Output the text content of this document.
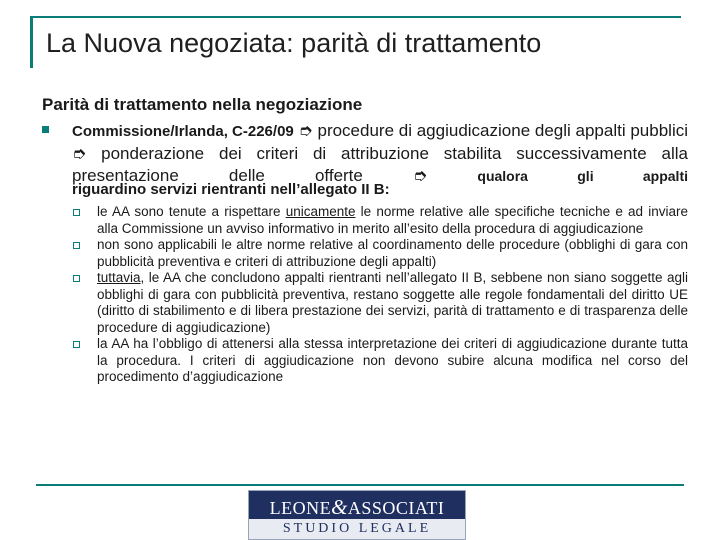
La Nuova negoziata: parità di trattamento
Parità di trattamento nella negoziazione
Commissione/Irlanda, C‑226/09 ➮ procedure di aggiudicazione degli appalti pubblici ➮ ponderazione dei criteri di attribuzione stabilita successivamente alla presentazione delle offerte	➮	qualora gli appalti
riguardino servizi rientranti nell’allegato II B:
le AA sono tenute a rispettare unicamente le norme relative alle specifiche tecniche e ad inviare alla Commissione un avviso informativo in merito all’esito della procedura di aggiudicazione
non sono applicabili le altre norme relative al coordinamento delle procedure (obblighi di gara con pubblicità preventiva e criteri di attribuzione degli appalti)
tuttavia, le AA che concludono appalti rientranti nell’allegato II B, sebbene non siano soggette agli obblighi di gara con pubblicità preventiva, restano soggette alle regole fondamentali del diritto UE (diritto di stabilimento e di libera prestazione dei servizi, parità di trattamento e di trasparenza delle procedure di aggiudicazione)
la AA ha l’obbligo di attenersi alla stessa interpretazione dei criteri di aggiudicazione durante tutta la procedura. I criteri di aggiudicazione non devono subire alcuna modifica nel corso del procedimento d’aggiudicazione
LEONE&ASSOCIATI
STUDIO LEGALE
